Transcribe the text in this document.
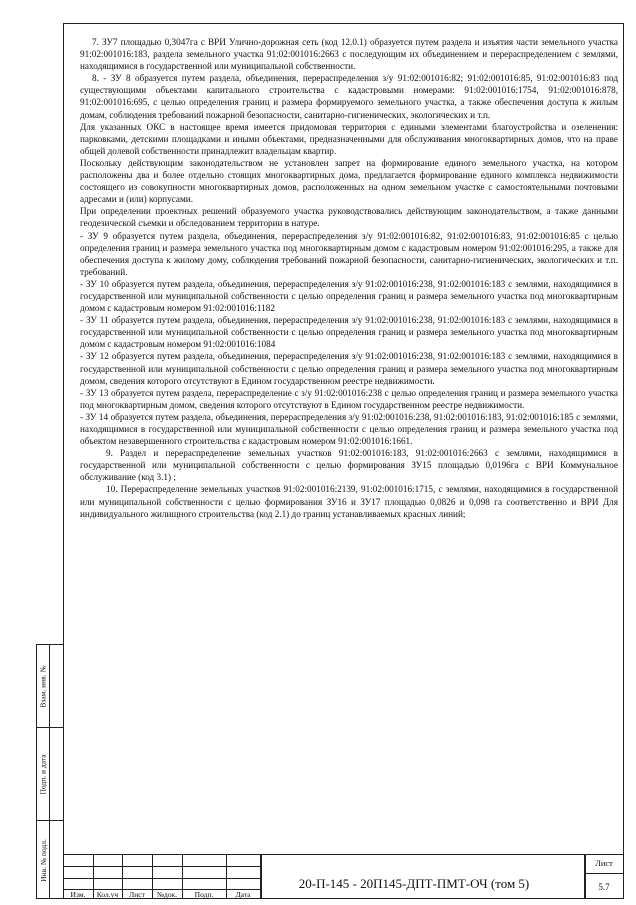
7. ЗУ7 площадью 0,3047га с ВРИ Улично-дорожная сеть (код 12.0.1) образуется путем раздела и изъятия части земельного участка 91:02:001016:183, раздела земельного участка 91:02:001016:2663 с последующим их объединением и перераспределением с землями, находящимися в государственной или муниципальной собственности.

8. - ЗУ 8 образуется путем раздела, объединения, перераспределения з/у 91:02:001016:82; 91:02:001016:85, 91:02:001016:83 под существующими объектами капитального строительства с кадастровыми номерами: 91:02:001016:1754, 91:02:001016:878, 91:02:001016:695, с целью определения границ и размера формируемого земельного участка, а также обеспечения доступа к жилым домам, соблюдения требований пожарной безопасности, санитарно-гигиенических, экологических и т.п.

Для указанных ОКС в настоящее время имеется придомовая территория с едиными элементами благоустройства и озеленения: парковками, детскими площадками и иными объектами, предназначенными для обслуживания многоквартирных домов, что на праве общей долевой собственности принадлежит владельцам квартир.

Поскольку действующим законодательством не установлен запрет на формирование единого земельного участка, на котором расположены два и более отдельно стоящих многоквартирных дома, предлагается формирование единого комплекса недвижимости состоящего из совокупности многоквартирных домов, расположенных на одном земельном участке с самостоятельными почтовыми адресами и (или) корпусами.

При определении проектных решений образуемого участка руководствовались действующим законодательством, а также данными геодезической съемки и обследованием территории в натуре.

- ЗУ 9 образуется путем раздела, объединения, перераспределения з/у 91:02:001016:82, 91:02:001016:83, 91:02:001016:85 с целью определения границ и размера земельного участка под многоквартирным домом с кадастровым номером 91:02:001016:295, а также для обеспечения доступа к жилому дому, соблюдения требований пожарной безопасности, санитарно-гигиенических, экологических и т.п. требований.

- ЗУ 10 образуется путем раздела, объединения, перераспределения з/у 91:02:001016:238, 91:02:001016:183 с землями, находящимися в государственной или муниципальной собственности с целью определения границ и размера земельного участка под многоквартирным домом с кадастровым номером 91:02:001016:1182

- ЗУ 11 образуется путем раздела, объединения, перераспределения з/у 91:02:001016:238, 91:02:001016:183 с землями, находящимися в государственной или муниципальной собственности с целью определения границ и размера земельного участка под многоквартирным домом с кадастровым номером 91:02:001016:1084

- ЗУ 12 образуется путем раздела, объединения, перераспределения з/у 91:02:001016:238, 91:02:001016:183 с землями, находящимися в государственной или муниципальной собственности с целью определения границ и размера земельного участка под многоквартирным домом, сведения которого отсутствуют в Едином государственном реестре недвижимости.

- ЗУ 13 образуется путем раздела, перераспределение с з/у 91:02:001016:238 с целью определения границ и размера земельного участка под многоквартирным домом, сведения которого отсутствуют в Едином государственном реестре недвижимости.

- ЗУ 14 образуется путем раздела, объединения, перераспределения з/у 91:02:001016:238, 91:02:001016:183, 91:02:001016:185 с землями, находящимися в государственной или муниципальной собственности с целью определения границ и размера земельного участка под объектом незавершенного строительства с кадастровым номером 91:02:001016:1661.

9. Раздел и перераспределение земельных участков 91:02:001016:183, 91:02:001016:2663 с землями, находящимися в государственной или муниципальной собственности с целью формирования ЗУ15 площадью 0,0196га с ВРИ Коммунальное обслуживание (код 3.1) ;

10. Перераспределение земельных участков 91:02:001016:2139, 91:02:001016:1715, с землями, находящимися в государственной или муниципальной собственности с целью формирования ЗУ16 и ЗУ17 площадью 0,0826 и 0,098 га соответственно и ВРИ Для индивидуального жилищного строительства (код 2.1) до границ устанавливаемых красных линий;

Взам. инв. №
Подп. и дата
Инв. № подл.
Изм.	Кол.уч	Лист	№док.	Подп.	Дата
20-П-145 - 20П145-ДПТ-ПМТ-ОЧ (том 5)
Лист
5.7
